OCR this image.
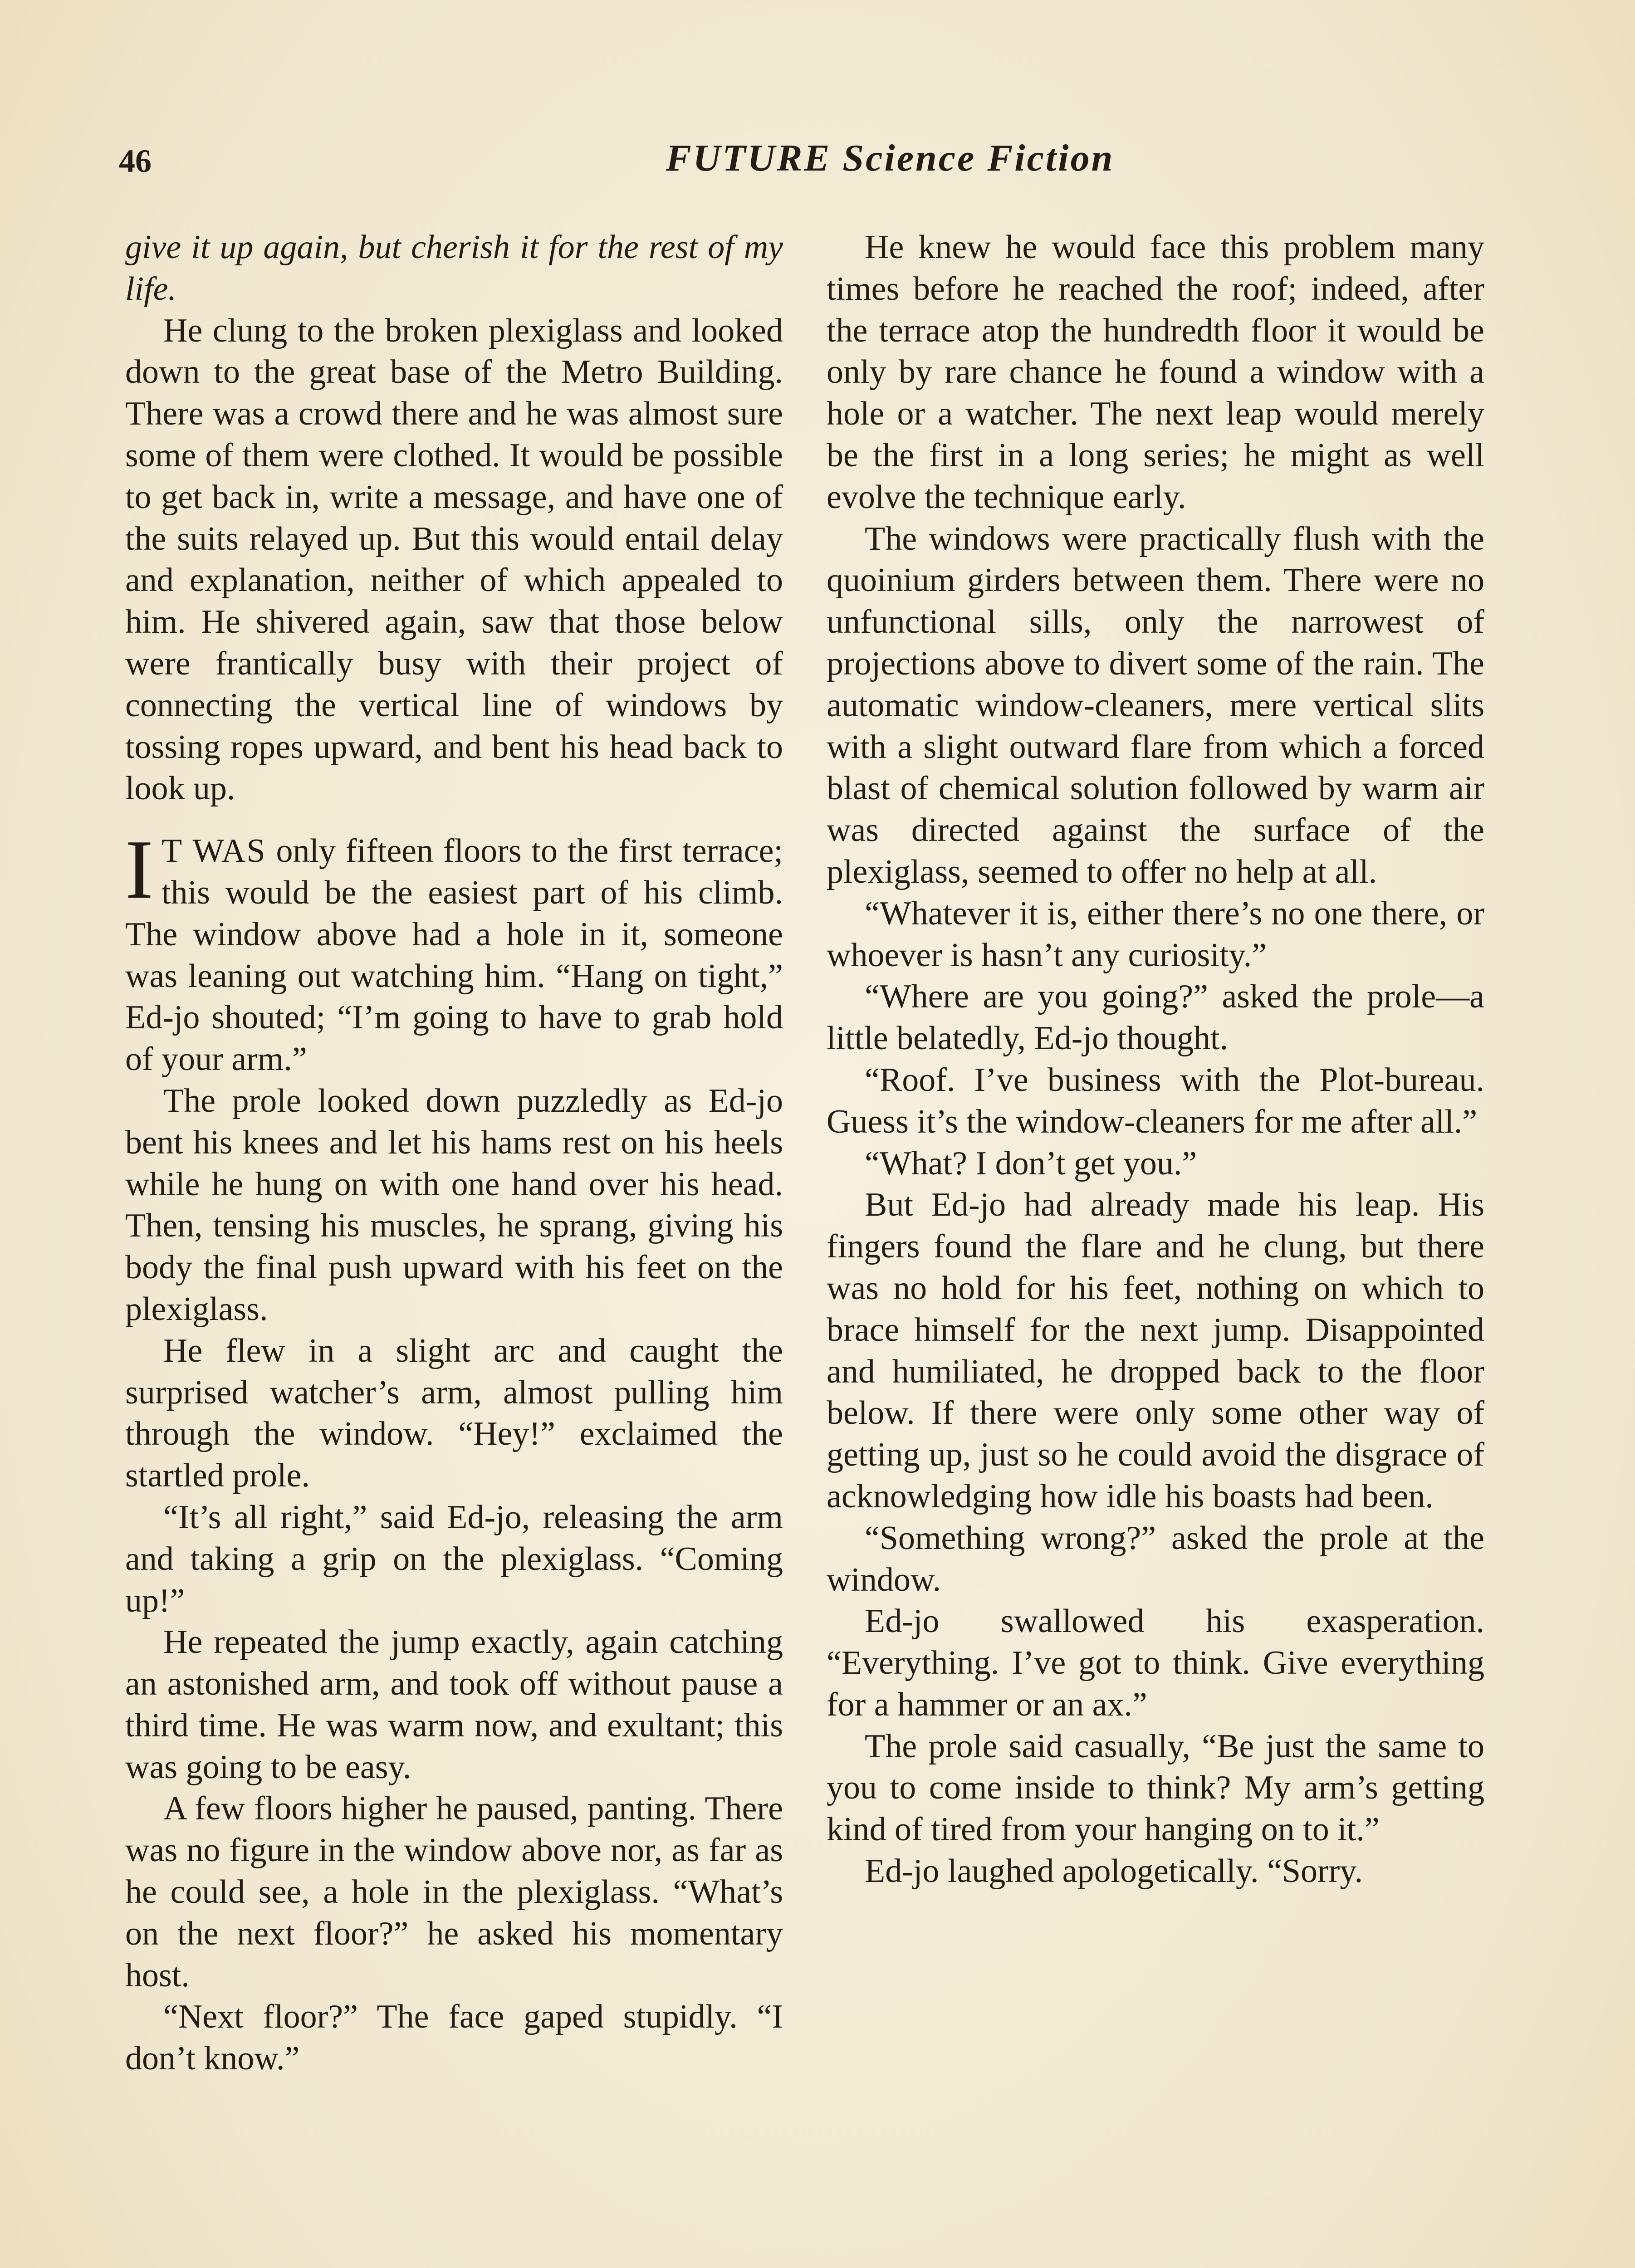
46	FUTURE Science Fiction

give it up again, but cherish it for the rest of my life.

He clung to the broken plexiglass and looked down to the great base of the Metro Building. There was a crowd there and he was almost sure some of them were clothed. It would be possible to get back in, write a message, and have one of the suits relayed up. But this would entail delay and explanation, neither of which appealed to him. He shivered again, saw that those below were frantically busy with their project of connecting the vertical line of windows by tossing ropes upward, and bent his head back to look up.

I T WAS only fifteen floors to the first terrace; this would be the easiest part of his climb. The window above had a hole in it, someone was leaning out watching him. “Hang on tight,” Ed-jo shouted; “I’m going to have to grab hold of your arm.”

The prole looked down puzzledly as Ed-jo bent his knees and let his hams rest on his heels while he hung on with one hand over his head. Then, tensing his muscles, he sprang, giving his body the final push upward with his feet on the plexiglass.

He flew in a slight arc and caught the surprised watcher’s arm, almost pulling him through the window. “Hey!” exclaimed the startled prole.

“It’s all right,” said Ed-jo, releasing the arm and taking a grip on the plexiglass. “Coming up!”

He repeated the jump exactly, again catching an astonished arm, and took off without pause a third time. He was warm now, and exultant; this was going to be easy.

A few floors higher he paused, panting. There was no figure in the window above nor, as far as he could see, a hole in the plexiglass. “What’s on the next floor?” he asked his momentary host.

“Next floor?” The face gaped stupidly. “I don’t know.”

He knew he would face this problem many times before he reached the roof; indeed, after the terrace atop the hundredth floor it would be only by rare chance he found a window with a hole or a watcher. The next leap would merely be the first in a long series; he might as well evolve the technique early.

The windows were practically flush with the quoinium girders between them. There were no unfunctional sills, only the narrowest of projections above to divert some of the rain. The automatic window-cleaners, mere vertical slits with a slight outward flare from which a forced blast of chemical solution followed by warm air was directed against the surface of the plexiglass, seemed to offer no help at all.

“Whatever it is, either there’s no one there, or whoever is hasn’t any curiosity.”

“Where are you going?” asked the prole—a little belatedly, Ed-jo thought.

“Roof. I’ve business with the Plot-bureau. Guess it’s the window-cleaners for me after all.”

“What? I don’t get you.”

But Ed-jo had already made his leap. His fingers found the flare and he clung, but there was no hold for his feet, nothing on which to brace himself for the next jump. Disappointed and humiliated, he dropped back to the floor below. If there were only some other way of getting up, just so he could avoid the disgrace of acknowledging how idle his boasts had been.

“Something wrong?” asked the prole at the window.

Ed-jo swallowed his exasperation. “Everything. I’ve got to think. Give everything for a hammer or an ax.”

The prole said casually, “Be just the same to you to come inside to think? My arm’s getting kind of tired from your hanging on to it.”

Ed-jo laughed apologetically. “Sorry.
